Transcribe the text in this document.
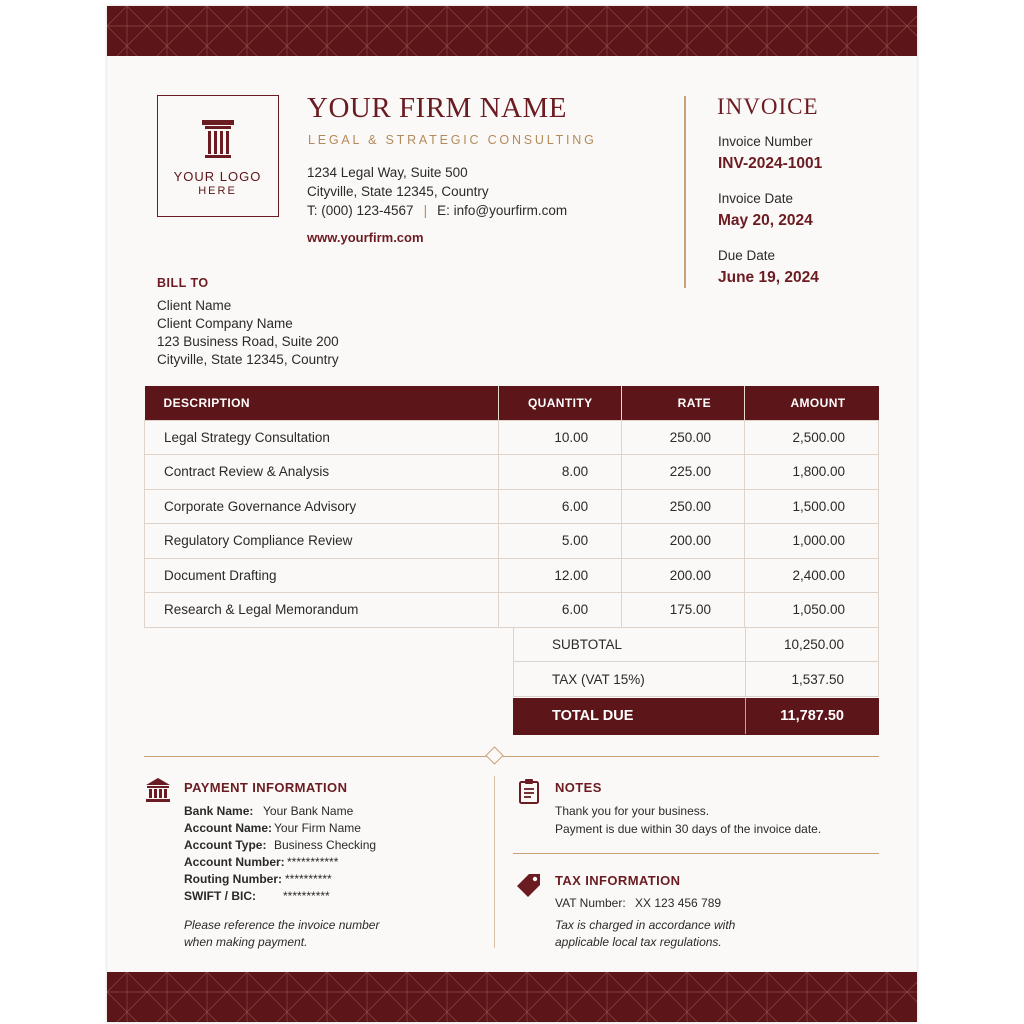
YOUR LOGO
HERE
YOUR FIRM NAME
LEGAL & STRATEGIC CONSULTING
1234 Legal Way, Suite 500
Cityville, State 12345, Country
T: (000) 123-4567 | E: info@yourfirm.com
www.yourfirm.com
INVOICE
Invoice Number
INV-2024-1001
Invoice Date
May 20, 2024
Due Date
June 19, 2024
BILL TO
Client Name
Client Company Name
123 Business Road, Suite 200
Cityville, State 12345, Country
DESCRIPTION	QUANTITY	RATE	AMOUNT
Legal Strategy Consultation	10.00	250.00	2,500.00
Contract Review & Analysis	8.00	225.00	1,800.00
Corporate Governance Advisory	6.00	250.00	1,500.00
Regulatory Compliance Review	5.00	200.00	1,000.00
Document Drafting	12.00	200.00	2,400.00
Research & Legal Memorandum	6.00	175.00	1,050.00
SUBTOTAL	10,250.00
TAX (VAT 15%)	1,537.50
TOTAL DUE	11,787.50
PAYMENT INFORMATION
Bank Name: Your Bank Name
Account Name: Your Firm Name
Account Type: Business Checking
Account Number: ***********
Routing Number: **********
SWIFT / BIC: **********
Please reference the invoice number
when making payment.
NOTES
Thank you for your business.
Payment is due within 30 days of the invoice date.
TAX INFORMATION
VAT Number: XX 123 456 789
Tax is charged in accordance with
applicable local tax regulations.
